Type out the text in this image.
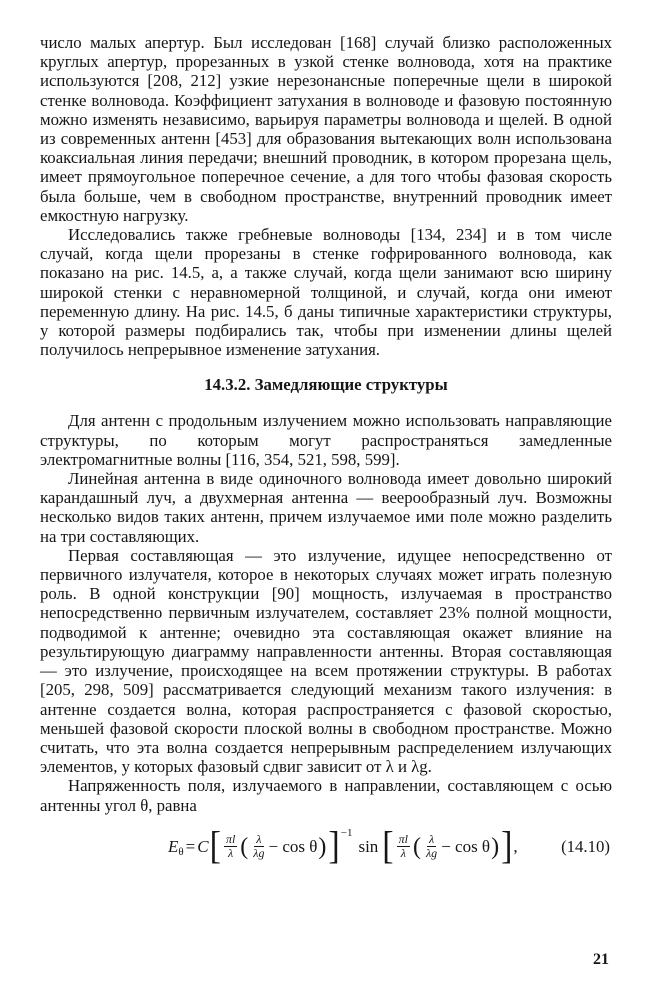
число малых апертур. Был исследован [168] случай близко расположенных круглых апертур, прорезанных в узкой стенке волновода, хотя на практике используются [208, 212] узкие нерезонансные поперечные щели в широкой стенке волновода. Коэффициент затухания в волноводе и фазовую постоянную можно изменять независимо, варьируя параметры волновода и щелей. В одной из современных антенн [453] для образования вытекающих волн использована коаксиальная линия передачи; внешний проводник, в котором прорезана щель, имеет прямоугольное поперечное сечение, а для того чтобы фазовая скорость была больше, чем в свободном пространстве, внутренний проводник имеет емкостную нагрузку.

Исследовались также гребневые волноводы [134, 234] и в том числе случай, когда щели прорезаны в стенке гофрированного волновода, как показано на рис. 14.5, а, а также случай, когда щели занимают всю ширину широкой стенки с неравномерной толщиной, и случай, когда они имеют переменную длину. На рис. 14.5, б даны типичные характеристики структуры, у которой размеры подбирались так, чтобы при изменении длины щелей получилось непрерывное изменение затухания.

14.3.2. Замедляющие структуры

Для антенн с продольным излучением можно использовать направляющие структуры, по которым могут распространяться замедленные электромагнитные волны [116, 354, 521, 598, 599].

Линейная антенна в виде одиночного волновода имеет довольно широкий карандашный луч, а двухмерная антенна — веерообразный луч. Возможны несколько видов таких антенн, причем излучаемое ими поле можно разделить на три составляющих.

Первая составляющая — это излучение, идущее непосредственно от первичного излучателя, которое в некоторых случаях может играть полезную роль. В одной конструкции [90] мощность, излучаемая в пространство непосредственно первичным излучателем, составляет 23% полной мощности, подводимой к антенне; очевидно эта составляющая окажет влияние на результирующую диаграмму направленности антенны. Вторая составляющая — это излучение, происходящее на всем протяжении структуры. В работах [205, 298, 509] рассматривается следующий механизм такого излучения: в антенне создается волна, которая распространяется с фазовой скоростью, меньшей фазовой скорости плоской волны в свободном пространстве. Можно считать, что эта волна создается непрерывным распределением излучающих элементов, у которых фазовый сдвиг зависит от λ и λg.

Напряженность поля, излучаемого в направлении, составляющем с осью антенны угол θ, равна

E θ = C [ $\frac{\pi l}{\lambda}$ ( $\frac{\lambda}{\lambda g} - \cos \theta$ ) ] −1
sin [ $\frac{\pi l}{\lambda}$ ( $\frac{\lambda}{\lambda g} - \cos \theta$ ) ] ,	(14.10)
21
